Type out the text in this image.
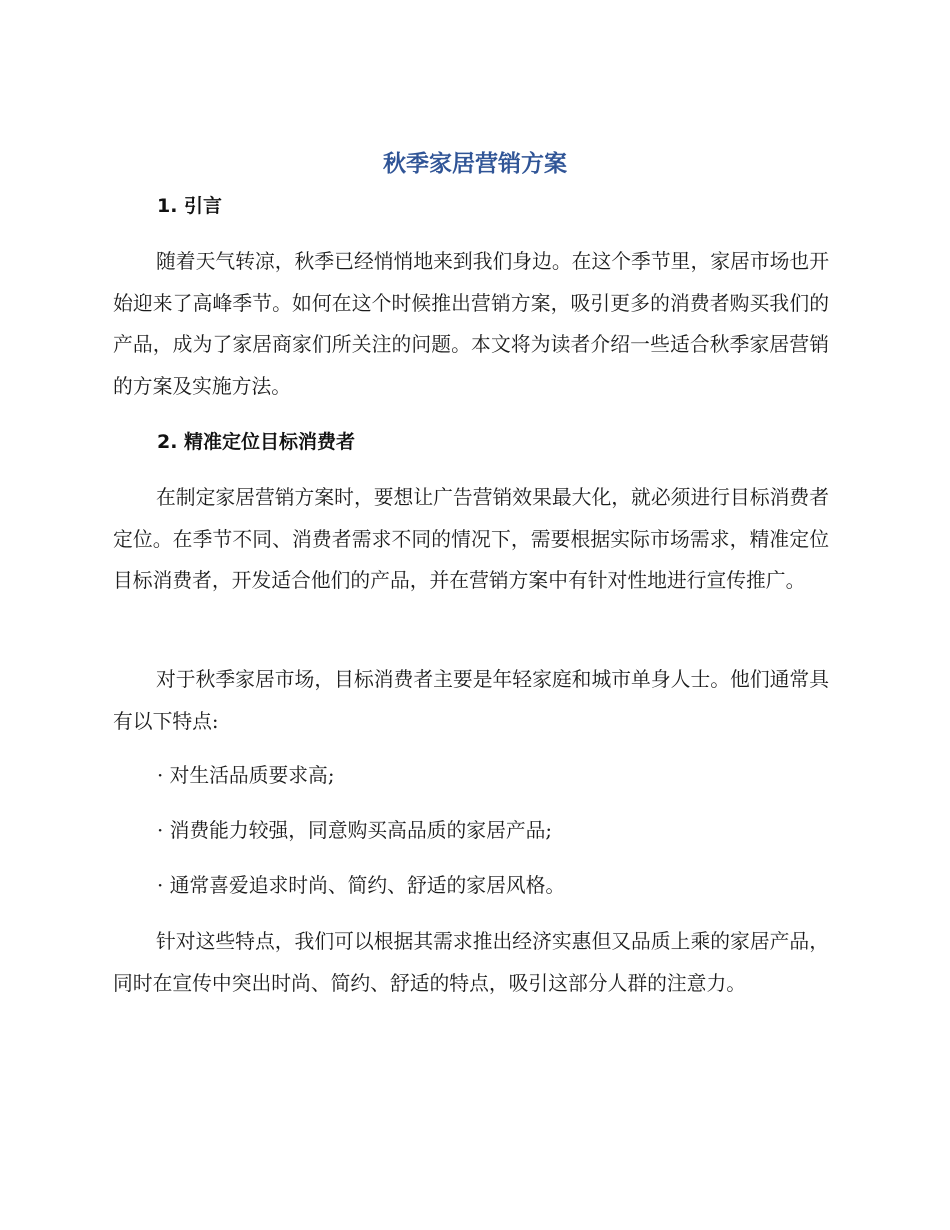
秋季家居营销方案
1. 引言

随着天气转凉，秋季已经悄悄地来到我们身边。在这个季节里，家居市场也开始迎来了高峰季节。如何在这个时候推出营销方案，吸引更多的消费者购买我们的产品，成为了家居商家们所关注的问题。本文将为读者介绍一些适合秋季家居营销的方案及实施方法。

2. 精准定位目标消费者

在制定家居营销方案时，要想让广告营销效果最大化，就必须进行目标消费者定位。在季节不同、消费者需求不同的情况下，需要根据实际市场需求，精准定位目标消费者，开发适合他们的产品，并在营销方案中有针对性地进行宣传推广。

对于秋季家居市场，目标消费者主要是年轻家庭和城市单身人士。他们通常具有以下特点:

· 对生活品质要求高;

· 消费能力较强，同意购买高品质的家居产品;

· 通常喜爱追求时尚、简约、舒适的家居风格。

针对这些特点，我们可以根据其需求推出经济实惠但又品质上乘的家居产品，同时在宣传中突出时尚、简约、舒适的特点，吸引这部分人群的注意力。
